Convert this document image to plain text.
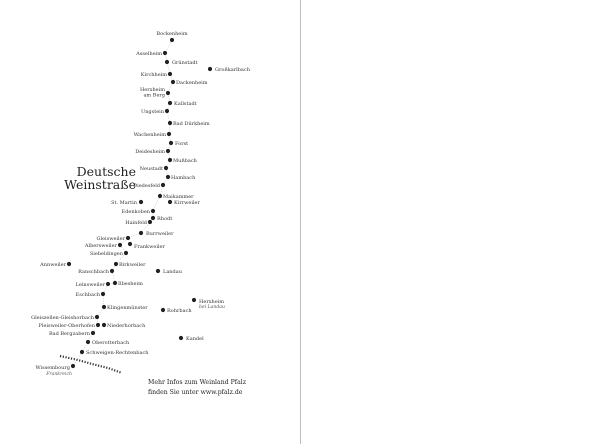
Bockenheim
Asselheim
Grünstadt
Großkarlbach
Kirchheim
Dackenheim
Herxheim am Berg
Kallstadt
Ungstein
Bad Dürkheim
Wachenheim
Forst
Deidesheim
Mußbach
Neustadt
Hambach
Diedesfeld
Maikammer
St. Martin	Kirrweiler
Edenkoben
Rhodt
Hainfeld
Burrweiler
Gleisweiler
Albersweiler	Frankweiler
Siebeldingen
Annweiler	Birkweiler
Ranschbach	Landau
Leinsweiler	Ilbesheim
Eschbach
Herxheim
bei Landau
Klingenmünster	Rohrbach
Gleiszellen-Gleishorbach
Pleisweiler-Oberhofen Niederhorbach
Bad Bergzabern
Kandel
Oberotterbach
Schweigen-Rechtenbach
Wissembourg
Frankreich
Deutsche
Weinstraße
Mehr Infos zum Weinland Pfalz
finden Sie unter www.pfalz.de
